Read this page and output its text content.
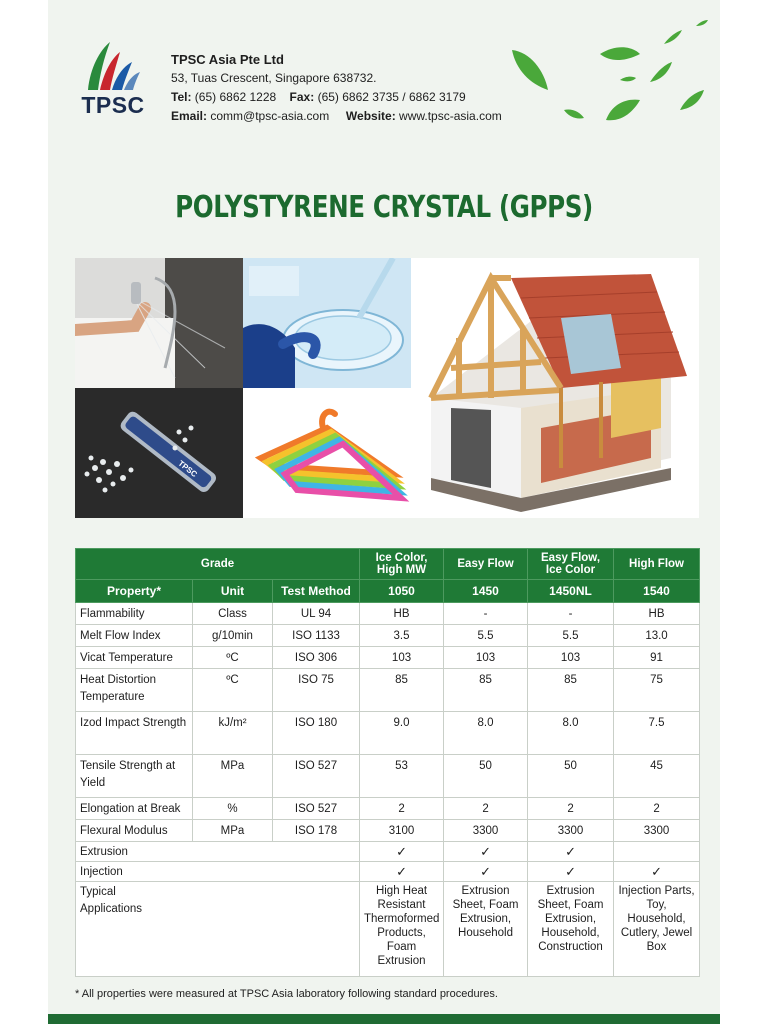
TPSC
TPSC Asia Pte Ltd
53, Tuas Crescent, Singapore 638732.
Tel: (65) 6862 1228 Fax: (65) 6862 3735 / 6862 3179
Email: comm@tpsc-asia.com Website: www.tpsc-asia.com
POLYSTYRENE CRYSTAL (GPPS)
TPSC
Grade			Ice Color, High MW	Easy Flow	Easy Flow, Ice Color	High Flow
Property*	Unit	Test Method	1050	1450	1450NL	1540
Flammability	Class	UL 94	HB	-	-	HB
Melt Flow Index	g/10min	ISO 1133	3.5	5.5	5.5	13.0
Vicat Temperature	ºC	ISO 306	103	103	103	91
Heat Distortion Temperature	ºC	ISO 75	85	85	85	75
Izod Impact Strength	kJ/m²	ISO 180	9.0	8.0	8.0	7.5
Tensile Strength at Yield	MPa	ISO 527	53	50	50	45
Elongation at Break	%	ISO 527	2	2	2	2
Flexural Modulus	MPa	ISO 178	3100	3300	3300	3300
Extrusion			✓	✓	✓	
Injection			✓	✓	✓	✓
Typical Applications			High Heat Resistant Thermoformed Products, Foam Extrusion	Extrusion Sheet, Foam Extrusion, Household	Extrusion Sheet, Foam Extrusion, Household, Construction	Injection Parts, Toy, Household, Cutlery, Jewel Box
* All properties were measured at TPSC Asia laboratory following standard procedures.
